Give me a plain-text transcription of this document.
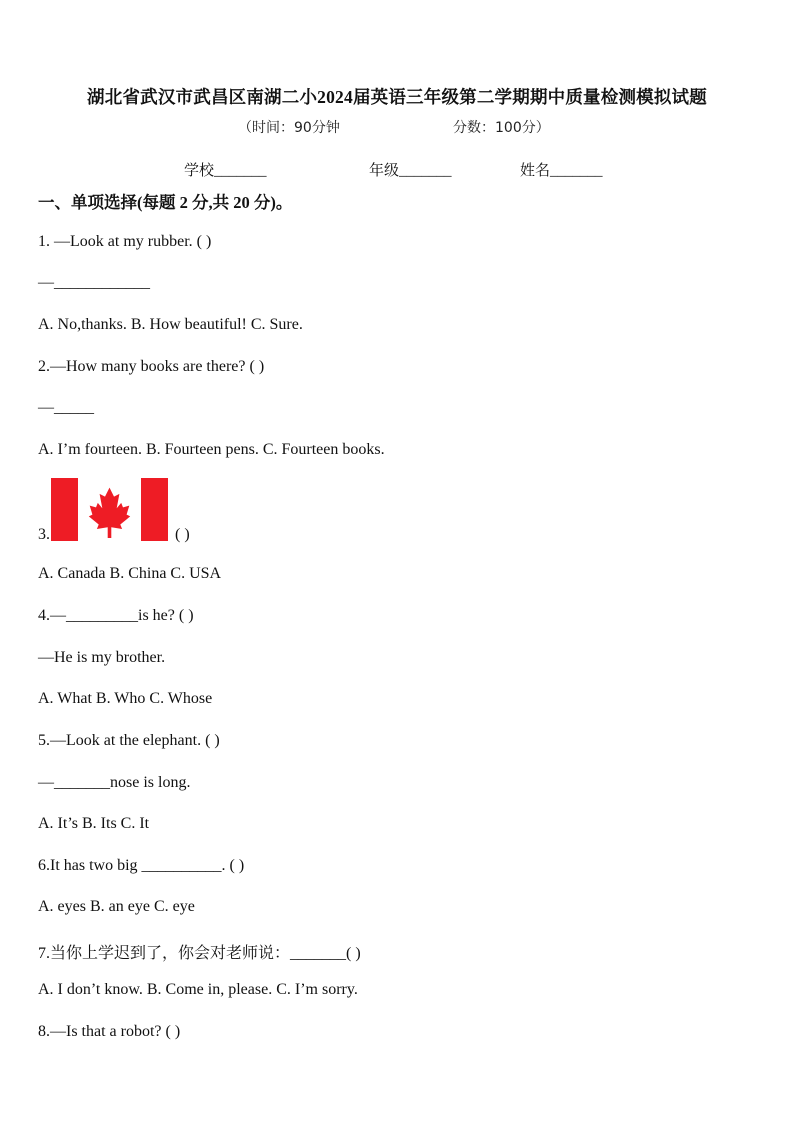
湖北省武汉市武昌区南湖二小2024届英语三年级第二学期期中质量检测模拟试题
（时间：90分钟	分数：100分）
学校_______	年级_______	姓名_______
一、单项选择(每题 2 分,共 20 分)。
1. —Look at my rubber. ( )
—____________
A. No,thanks. B. How beautiful! C. Sure.
2.—How many books are there? ( )
—_____
A. I’m fourteen. B. Fourteen pens. C. Fourteen books.
3.	( )
A. Canada B. China C. USA
4.—_________is he? ( )
—He is my brother.
A. What B. Who C. Whose
5.—Look at the elephant. ( )
—_______nose is long.
A. It’s B. Its C. It
6.It has two big __________. ( )
A. eyes B. an eye C. eye
7.当你上学迟到了，你会对老师说：_______( )
A. I don’t know. B. Come in, please. C. I’m sorry.
8.—Is that a robot? ( )
